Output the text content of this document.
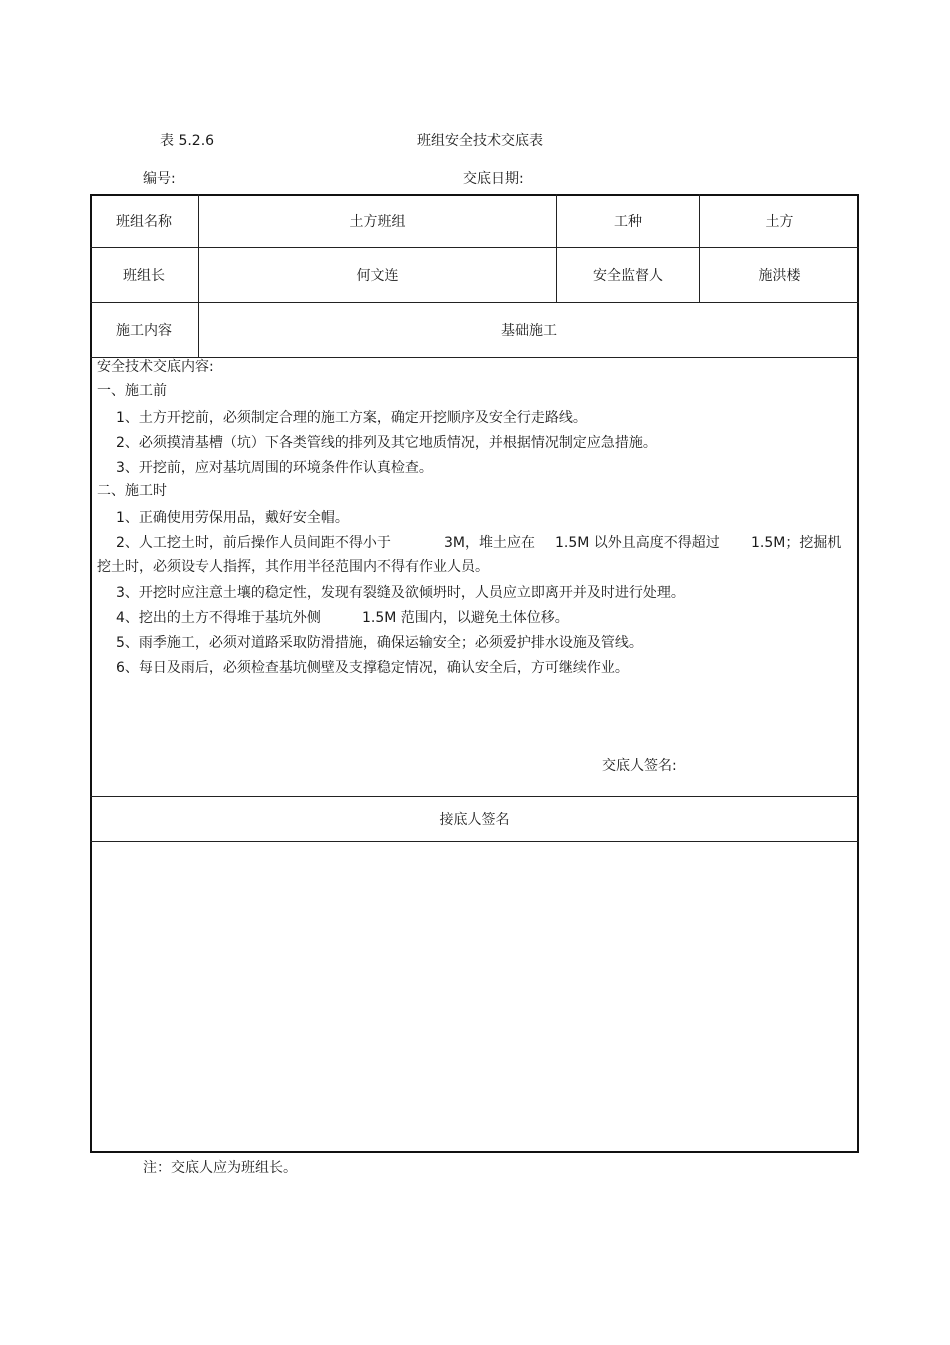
表 5.2.6	班组安全技术交底表
编号:	交底日期:
班组名称	土方班组	工种	土方
班组长	何文连	安全监督人	施洪楼
施工内容	基础施工
安全技术交底内容:
一、施工前
1、土方开挖前，必须制定合理的施工方案，确定开挖顺序及安全行走路线。
2、必须摸清基槽（坑）下各类管线的排列及其它地质情况，并根据情况制定应急措施。
3、开挖前，应对基坑周围的环境条件作认真检查。
二、施工时
1、正确使用劳保用品，戴好安全帽。
2、人工挖土时，前后操作人员间距不得小于	3M，堆土应在 1.5M 以外且高度不得超过 1.5M；挖掘机
挖土时，必须设专人指挥，其作用半径范围内不得有作业人员。
3、开挖时应注意土壤的稳定性，发现有裂缝及欲倾坍时，人员应立即离开并及时进行处理。
4、挖出的土方不得堆于基坑外侧	1.5M 范围内，以避免土体位移。
5、雨季施工，必须对道路采取防滑措施，确保运输安全；必须爱护排水设施及管线。
6、每日及雨后，必须检查基坑侧壁及支撑稳定情况，确认安全后，方可继续作业。
交底人签名:
接底人签名
注：交底人应为班组长。
